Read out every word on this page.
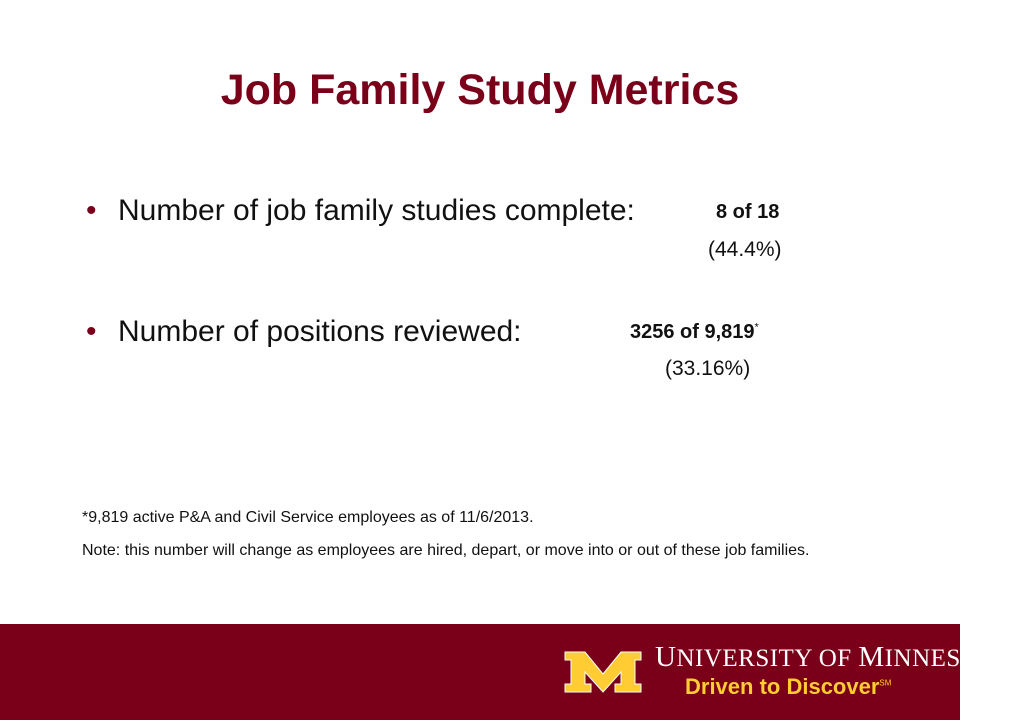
Job Family Study Metrics
• Number of job family studies complete:	8 of 18
(44.4%)
• Number of positions reviewed:	3256 of 9,819*
(33.16%)
*9,819 active P&A and Civil Service employees as of 11/6/2013.
Note: this number will change as employees are hired, depart, or move into or out of these job families.
UNIVERSITY OF MINNESOTA
Driven to Discover℠
